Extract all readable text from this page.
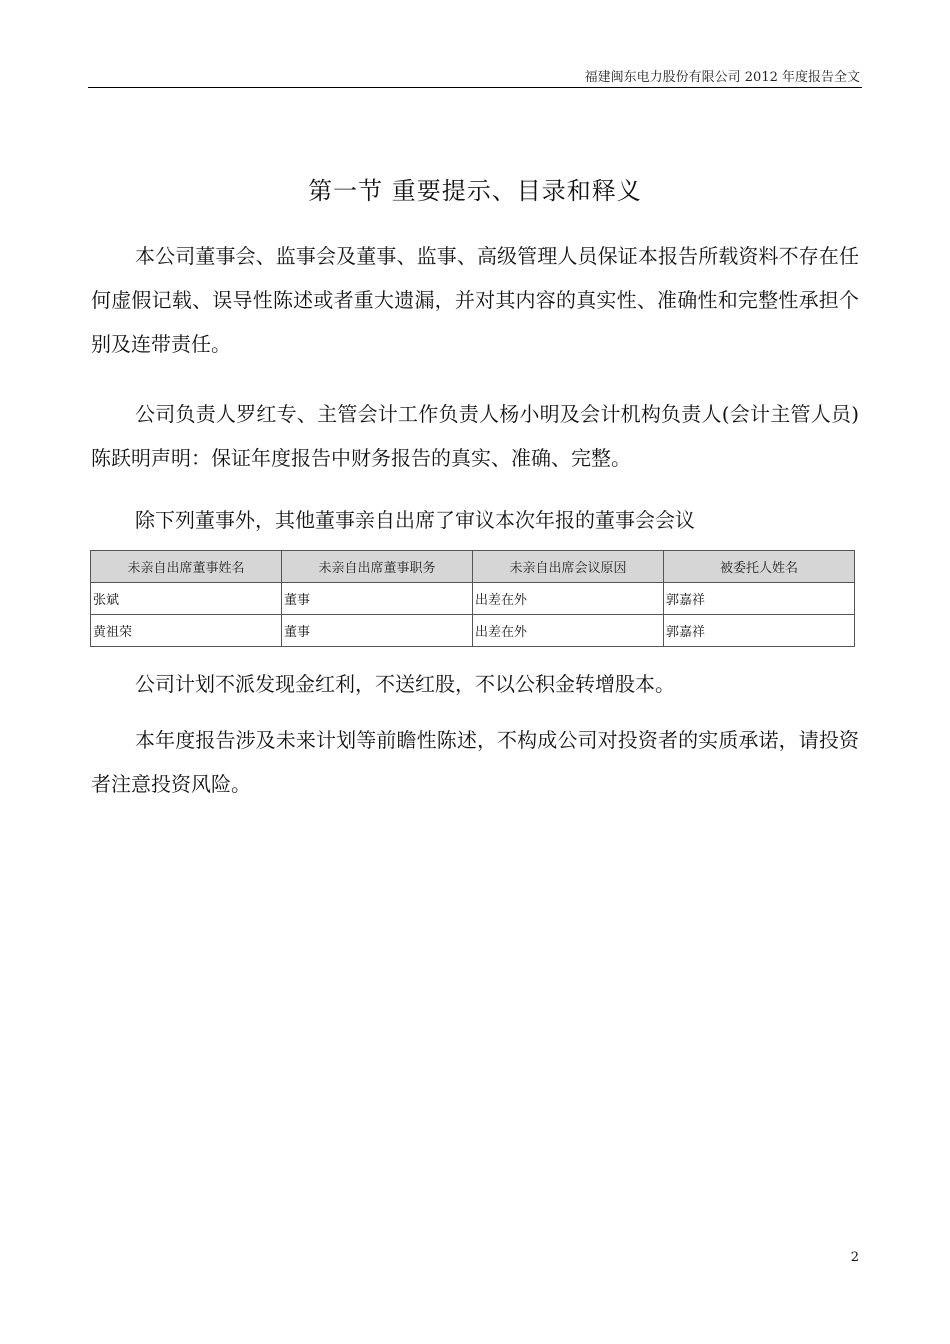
福建闽东电力股份有限公司 2012 年度报告全文
第一节 重要提示、目录和释义

本公司董事会、监事会及董事、监事、高级管理人员保证本报告所载资料不存在任何虚假记载、误导性陈述或者重大遗漏，并对其内容的真实性、准确性和完整性承担个别及连带责任。

公司负责人罗红专、主管会计工作负责人杨小明及会计机构负责人(会计主管人员)陈跃明声明：保证年度报告中财务报告的真实、准确、完整。

除下列董事外，其他董事亲自出席了审议本次年报的董事会会议

未亲自出席董事姓名	未亲自出席董事职务	未亲自出席会议原因	被委托人姓名
张斌	董事	出差在外	郭嘉祥
黄祖荣	董事	出差在外	郭嘉祥

公司计划不派发现金红利，不送红股，不以公积金转增股本。

本年度报告涉及未来计划等前瞻性陈述，不构成公司对投资者的实质承诺，请投资者注意投资风险。

2
